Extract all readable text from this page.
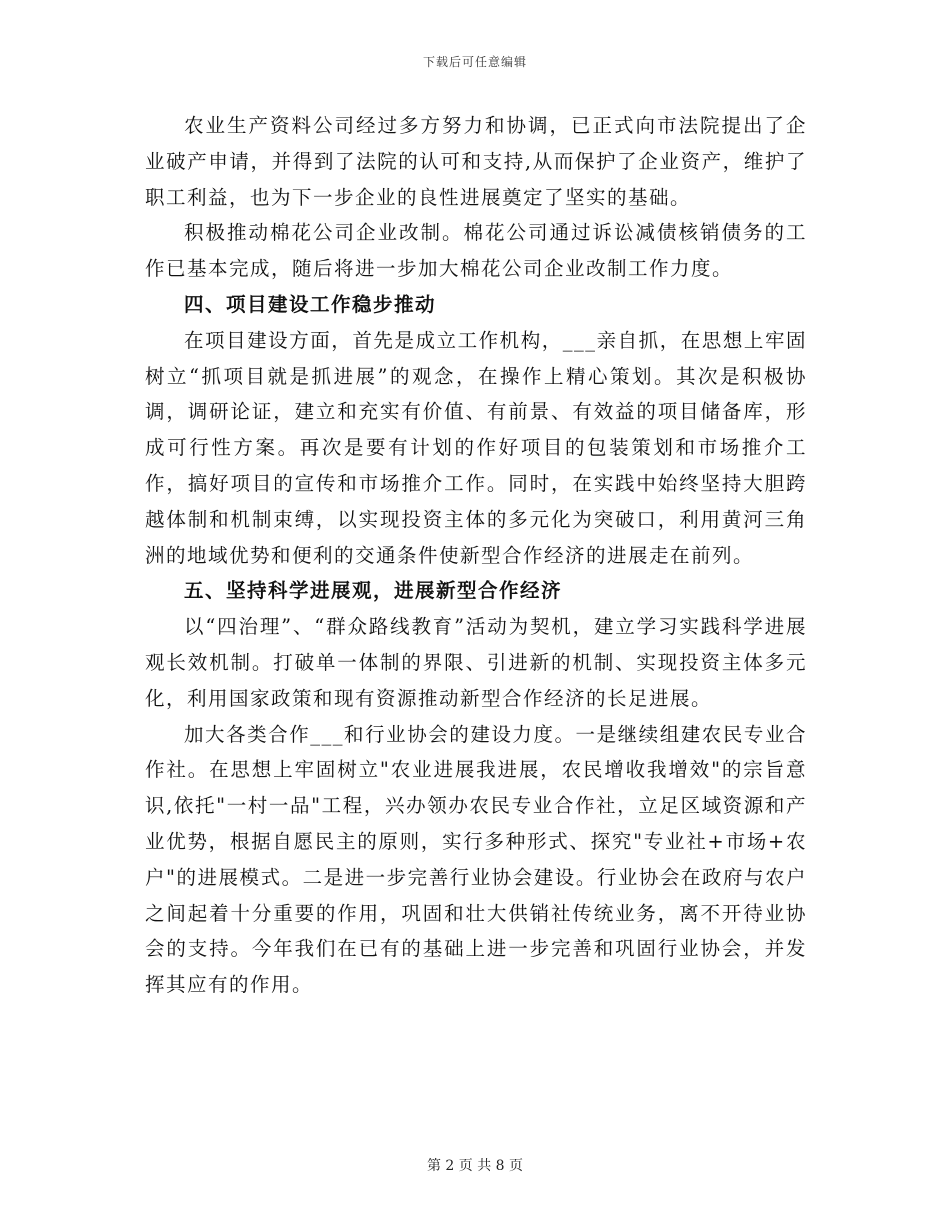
下载后可任意编辑

农业生产资料公司经过多方努力和协调，已正式向市法院提出了企业破产申请，并得到了法院的认可和支持,从而保护了企业资产，维护了职工利益，也为下一步企业的良性进展奠定了坚实的基础。

积极推动棉花公司企业改制。棉花公司通过诉讼减债核销债务的工作已基本完成，随后将进一步加大棉花公司企业改制工作力度。

四、项目建设工作稳步推动

在项目建设方面，首先是成立工作机构，___亲自抓，在思想上牢固树立“抓项目就是抓进展”的观念，在操作上精心策划。其次是积极协调，调研论证，建立和充实有价值、有前景、有效益的项目储备库，形成可行性方案。再次是要有计划的作好项目的包装策划和市场推介工作，搞好项目的宣传和市场推介工作。同时，在实践中始终坚持大胆跨越体制和机制束缚，以实现投资主体的多元化为突破口，利用黄河三角洲的地域优势和便利的交通条件使新型合作经济的进展走在前列。

五、坚持科学进展观，进展新型合作经济

以“四治理”、“群众路线教育”活动为契机，建立学习实践科学进展观长效机制。打破单一体制的界限、引进新的机制、实现投资主体多元化，利用国家政策和现有资源推动新型合作经济的长足进展。

加大各类合作___和行业协会的建设力度。一是继续组建农民专业合作社。在思想上牢固树立"农业进展我进展，农民增收我增效"的宗旨意识,依托"一村一品"工程，兴办领办农民专业合作社，立足区域资源和产业优势，根据自愿民主的原则，实行多种形式、探究"专业社+市场+农户"的进展模式。二是进一步完善行业协会建设。行业协会在政府与农户之间起着十分重要的作用，巩固和壮大供销社传统业务，离不开待业协会的支持。今年我们在已有的基础上进一步完善和巩固行业协会，并发挥其应有的作用。

第 2 页 共 8 页
